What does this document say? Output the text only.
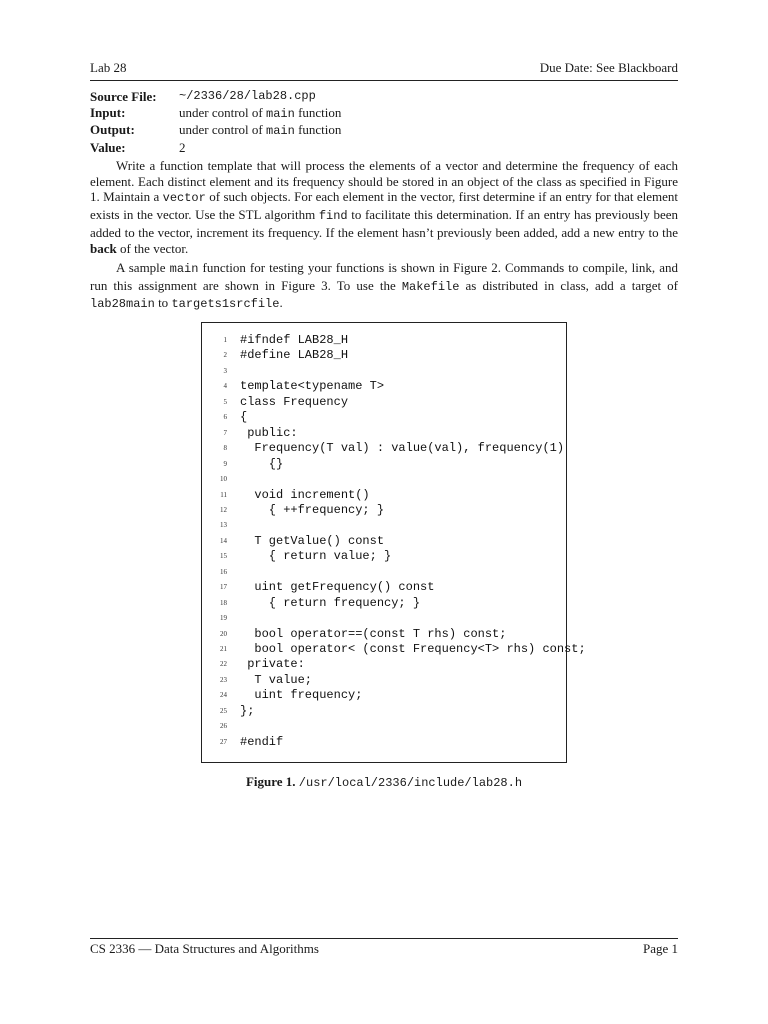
Lab 28	Due Date: See Blackboard
Source File:	~/2336/28/lab28.cpp
Input:	under control of main function
Output:	under control of main function
Value:	2

Write a function template that will process the elements of a vector and determine the frequency of each element. Each distinct element and its frequency should be stored in an object of the class as specified in Figure 1. Maintain a vector of such objects. For each element in the vector, first determine if an entry for that element exists in the vector. Use the STL algorithm find to facilitate this determination. If an entry has previously been added to the vector, increment its frequency. If the element hasn’t previously been added, add a new entry to the back of the vector.

A sample main function for testing your functions is shown in Figure 2. Commands to compile, link, and run this assignment are shown in Figure 3. To use the Makefile as distributed in class, add a target of lab28main to targets1srcfile.

1 #ifndef LAB28_H
2 #define LAB28_H
3
4 template<typename T>
5 class Frequency
6 {
7 public:
8 Frequency(T val) : value(val), frequency(1)
9 {}
10
11 void increment()
12 { ++frequency; }
13
14 T getValue() const
15 { return value; }
16
17 uint getFrequency() const
18 { return frequency; }
19
20 bool operator==(const T rhs) const;
21 bool operator< (const Frequency<T> rhs) const;
22 private:
23 T value;
24 uint frequency;
25 };
26
27 #endif
Figure 1. /usr/local/2336/include/lab28.h
CS 2336 — Data Structures and Algorithms	Page 1
